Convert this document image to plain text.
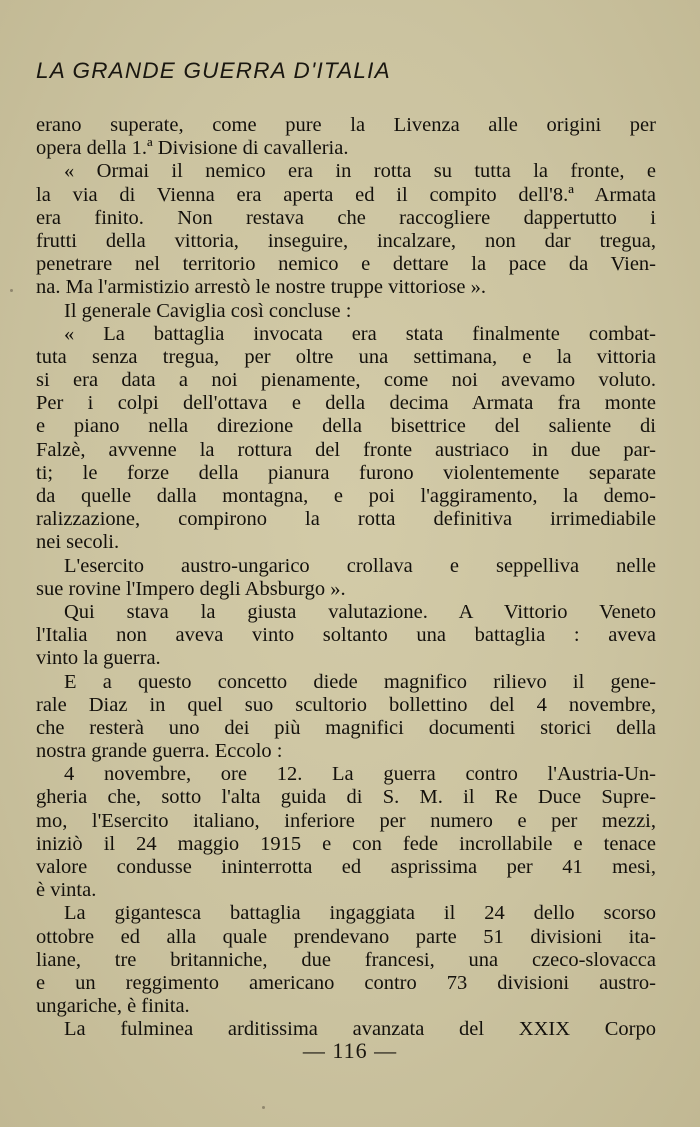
LA GRANDE GUERRA D'ITALIA
erano superate, come pure la Livenza alle origini per
opera della 1.ª Divisione di cavalleria.
« Ormai il nemico era in rotta su tutta la fronte, e
la via di Vienna era aperta ed il compito dell'8.ª Armata
era finito. Non restava che raccogliere dappertutto i
frutti della vittoria, inseguire, incalzare, non dar tregua,
penetrare nel territorio nemico e dettare la pace da Vien-
na. Ma l'armistizio arrestò le nostre truppe vittoriose ».
Il generale Caviglia così concluse :
« La battaglia invocata era stata finalmente combat-
tuta senza tregua, per oltre una settimana, e la vittoria
si era data a noi pienamente, come noi avevamo voluto.
Per i colpi dell'ottava e della decima Armata fra monte
e piano nella direzione della bisettrice del saliente di
Falzè, avvenne la rottura del fronte austriaco in due par-
ti; le forze della pianura furono violentemente separate
da quelle dalla montagna, e poi l'aggiramento, la demo-
ralizzazione, compirono la rotta definitiva irrimediabile
nei secoli.
L'esercito austro-ungarico crollava e seppelliva nelle
sue rovine l'Impero degli Absburgo ».
Qui stava la giusta valutazione. A Vittorio Veneto
l'Italia non aveva vinto soltanto una battaglia : aveva
vinto la guerra.
E a questo concetto diede magnifico rilievo il gene-
rale Diaz in quel suo scultorio bollettino del 4 novembre,
che resterà uno dei più magnifici documenti storici della
nostra grande guerra. Eccolo :
4 novembre, ore 12. La guerra contro l'Austria-Un-
gheria che, sotto l'alta guida di S. M. il Re Duce Supre-
mo, l'Esercito italiano, inferiore per numero e per mezzi,
iniziò il 24 maggio 1915 e con fede incrollabile e tenace
valore condusse ininterrotta ed asprissima per 41 mesi,
è vinta.
La gigantesca battaglia ingaggiata il 24 dello scorso
ottobre ed alla quale prendevano parte 51 divisioni ita-
liane, tre britanniche, due francesi, una czeco-slovacca
e un reggimento americano contro 73 divisioni austro-
ungariche, è finita.
La fulminea arditissima avanzata del XXIX Corpo
— 116 —
